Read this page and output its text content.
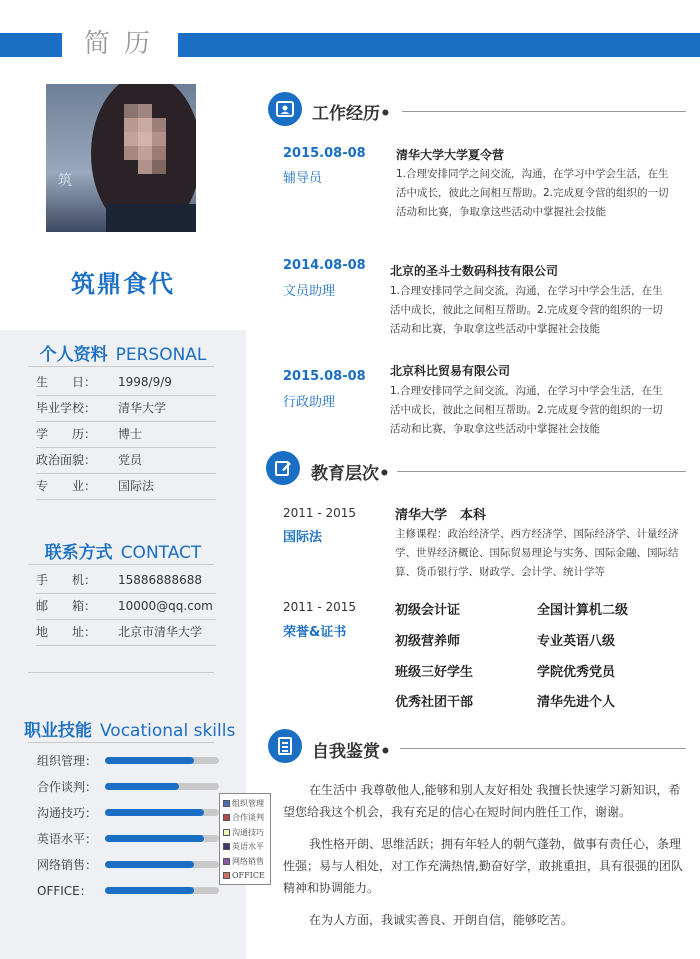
简历
筑
筑鼎食代
个人资料 PERSONAL
生　　日：	1998/9/9
毕业学校：	清华大学
学　　历：	博士
政治面貌：	党员
专　　业：	国际法
联系方式 CONTACT
手　　机：	15886888688
邮　　箱：	10000@qq.com
地　　址：	北京市清华大学
职业技能 Vocational skills
组织管理：
合作谈判：
沟通技巧：
英语水平：
网络销售：
OFFICE：
组织管理
合作谈判
沟通技巧
英语水平
网络销售
OFFICE
工作经历•
2015.08-08
辅导员
清华大学大学夏令营
1.合理安排同学之间交流，沟通，在学习中学会生活，在生活中成长，彼此之间相互帮助。2.完成夏令营的组织的一切活动和比赛，争取拿这些活动中掌握社会技能
2014.08-08
文员助理
北京的圣斗士数码科技有限公司
1.合理安排同学之间交流，沟通，在学习中学会生活，在生活中成长，彼此之间相互帮助。2.完成夏令营的组织的一切活动和比赛，争取拿这些活动中掌握社会技能
2015.08-08
行政助理
北京科比贸易有限公司
1.合理安排同学之间交流，沟通，在学习中学会生活，在生活中成长，彼此之间相互帮助。2.完成夏令营的组织的一切活动和比赛，争取拿这些活动中掌握社会技能
教育层次•
2011 - 2015
国际法
清华大学　本科
主修课程：政治经济学、西方经济学、国际经济学、计量经济学、世界经济概论、国际贸易理论与实务、国际金融、国际结算、货币银行学、财政学、会计学、统计学等
2011 - 2015
荣誉&证书
初级会计证	全国计算机二级
初级营养师	专业英语八级
班级三好学生	学院优秀党员
优秀社团干部	清华先进个人
自我鉴赏•
在生活中 我尊敬他人,能够和别人友好相处 我擅长快速学习新知识，希望您给我这个机会，我有充足的信心在短时间内胜任工作，谢谢。
我性格开朗、思维活跃；拥有年轻人的朝气蓬勃，做事有责任心，条理性强；易与人相处，对工作充满热情,勤奋好学，敢挑重担，具有很强的团队精神和协调能力。
在为人方面，我诚实善良、开朗自信，能够吃苦。
